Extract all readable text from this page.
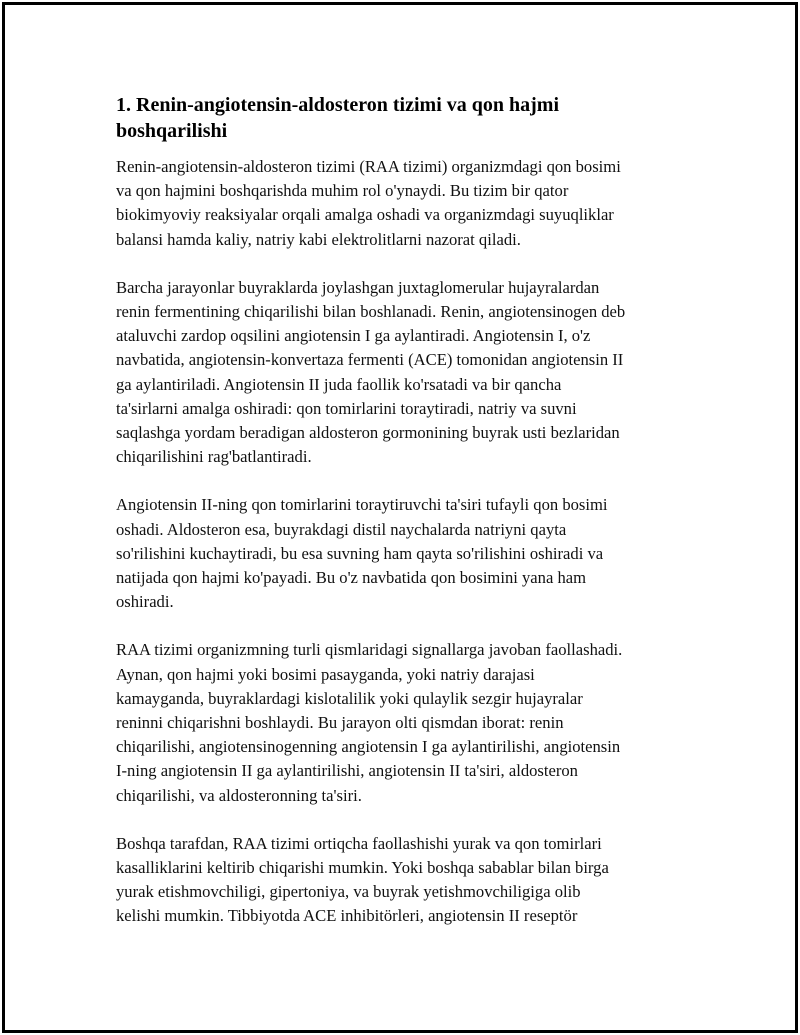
1. Renin-angiotensin-aldosteron tizimi va qon hajmi
boshqarilishi

Renin-angiotensin-aldosteron tizimi (RAA tizimi) organizmdagi qon bosimi
va qon hajmini boshqarishda muhim rol o'ynaydi. Bu tizim bir qator
biokimyoviy reaksiyalar orqali amalga oshadi va organizmdagi suyuqliklar
balansi hamda kaliy, natriy kabi elektrolitlarni nazorat qiladi.

Barcha jarayonlar buyraklarda joylashgan juxtaglomerular hujayralardan
renin fermentining chiqarilishi bilan boshlanadi. Renin, angiotensinogen deb
ataluvchi zardop oqsilini angiotensin I ga aylantiradi. Angiotensin I, o'z
navbatida, angiotensin-konvertaza fermenti (ACE) tomonidan angiotensin II
ga aylantiriladi. Angiotensin II juda faollik ko'rsatadi va bir qancha
ta'sirlarni amalga oshiradi: qon tomirlarini toraytiradi, natriy va suvni
saqlashga yordam beradigan aldosteron gormonining buyrak usti bezlaridan
chiqarilishini rag'batlantiradi.

Angiotensin II-ning qon tomirlarini toraytiruvchi ta'siri tufayli qon bosimi
oshadi. Aldosteron esa, buyrakdagi distil naychalarda natriyni qayta
so'rilishini kuchaytiradi, bu esa suvning ham qayta so'rilishini oshiradi va
natijada qon hajmi ko'payadi. Bu o'z navbatida qon bosimini yana ham
oshiradi.

RAA tizimi organizmning turli qismlaridagi signallarga javoban faollashadi.
Aynan, qon hajmi yoki bosimi pasayganda, yoki natriy darajasi
kamayganda, buyraklardagi kislotalilik yoki qulaylik sezgir hujayralar
reninni chiqarishni boshlaydi. Bu jarayon olti qismdan iborat: renin
chiqarilishi, angiotensinogenning angiotensin I ga aylantirilishi, angiotensin
I-ning angiotensin II ga aylantirilishi, angiotensin II ta'siri, aldosteron
chiqarilishi, va aldosteronning ta'siri.

Boshqa tarafdan, RAA tizimi ortiqcha faollashishi yurak va qon tomirlari
kasalliklarini keltirib chiqarishi mumkin. Yoki boshqa sabablar bilan birga
yurak etishmovchiligi, gipertoniya, va buyrak yetishmovchiligiga olib
kelishi mumkin. Tibbiyotda ACE inhibitörleri, angiotensin II reseptör
